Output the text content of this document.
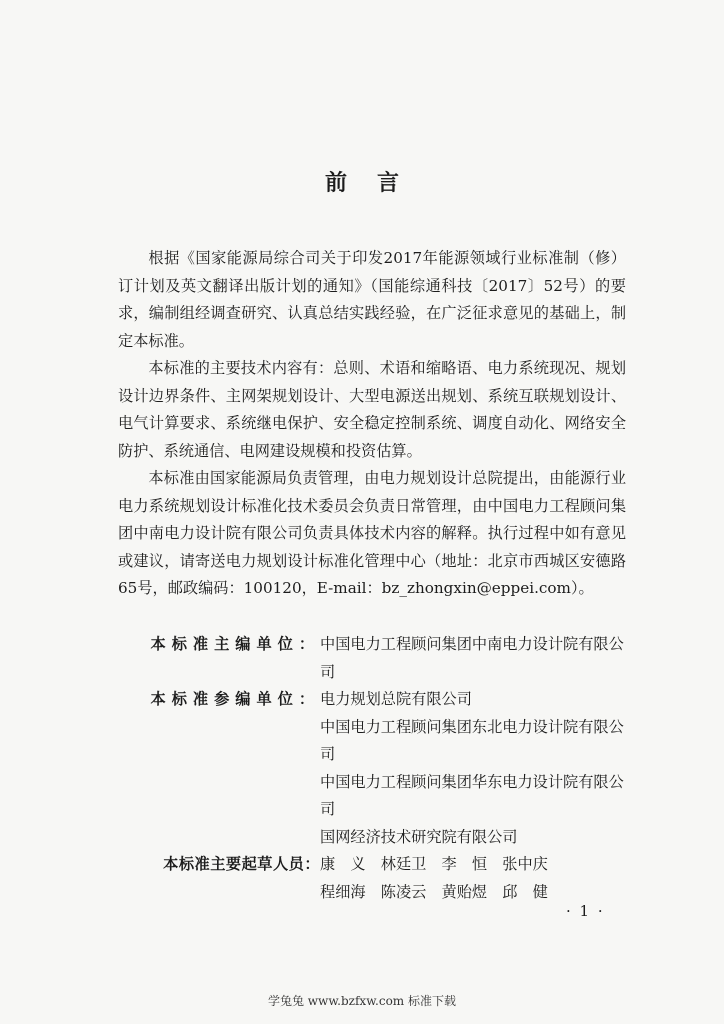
前言

根据《国家能源局综合司关于印发2017年能源领域行业标准制（修）订计划及英文翻译出版计划的通知》（国能综通科技〔2017〕52号）的要求，编制组经调查研究、认真总结实践经验，在广泛征求意见的基础上，制定本标准。

本标准的主要技术内容有：总则、术语和缩略语、电力系统现况、规划设计边界条件、主网架规划设计、大型电源送出规划、系统互联规划设计、电气计算要求、系统继电保护、安全稳定控制系统、调度自动化、网络安全防护、系统通信、电网建设规模和投资估算。

本标准由国家能源局负责管理，由电力规划设计总院提出，由能源行业电力系统规划设计标准化技术委员会负责日常管理，由中国电力工程顾问集团中南电力设计院有限公司负责具体技术内容的解释。执行过程中如有意见或建议，请寄送电力规划设计标准化管理中心（地址：北京市西城区安德路65号，邮政编码：100120，E-mail：bz_zhongxin@eppei.com）。

本标准主编单位： 中国电力工程顾问集团中南电力设计院有限公司
本标准参编单位： 电力规划总院有限公司
中国电力工程顾问集团东北电力设计院有限公司
中国电力工程顾问集团华东电力设计院有限公司
国网经济技术研究院有限公司
本标准主要起草人员： 康　义　林廷卫　李　恒　张中庆
程细海　陈凌云　黄贻煜　邱　健
· 1 ·
学兔兔 www.bzfxw.com 标准下载
